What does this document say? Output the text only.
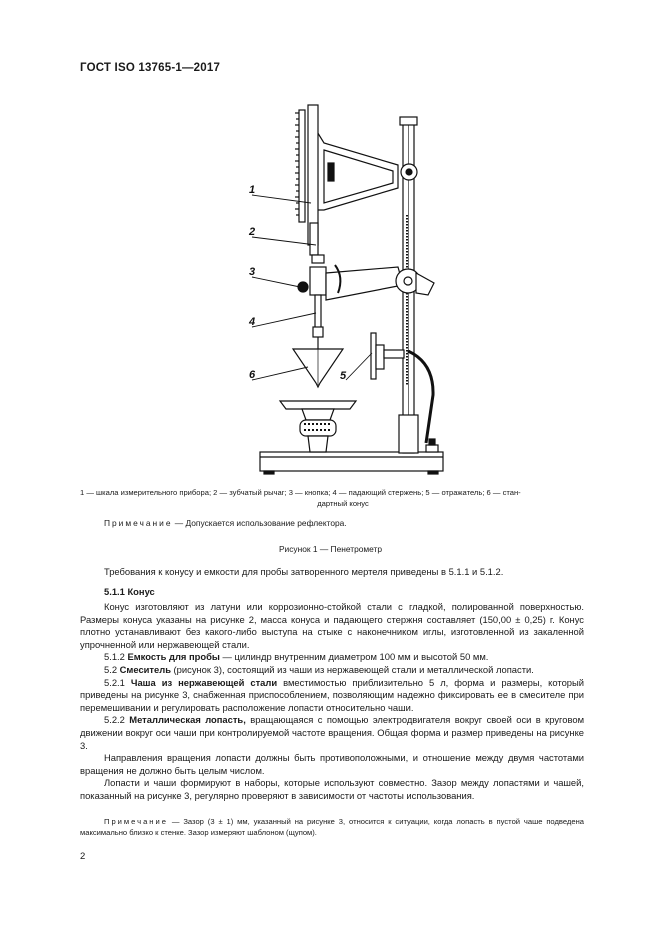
ГОСТ ISO 13765-1—2017
1
2
3
4
6	5
1 — шкала измерительного прибора; 2 — зубчатый рычаг; 3 — кнопка; 4 — падающий стержень; 5 — отражатель; 6 — стан-
дартный конус
Примечание — Допускается использование рефлектора.
Рисунок 1 — Пенетрометр

Требования к конусу и емкости для пробы затворенного мертеля приведены в 5.1.1 и 5.1.2.

5.1.1 Конус

Конус изготовляют из латуни или коррозионно-стойкой стали с гладкой, полированной поверхностью. Размеры конуса указаны на рисунке 2, масса конуса и падающего стержня составляет (150,00 ± 0,25) г. Конус плотно устанавливают без какого-либо выступа на стыке с наконечником иглы, изготовленной из закаленной упрочненной или нержавеющей стали.

5.1.2 Емкость для пробы — цилиндр внутренним диаметром 100 мм и высотой 50 мм.

5.2 Смеситель (рисунок 3), состоящий из чаши из нержавеющей стали и металлической лопасти.

5.2.1 Чаша из нержавеющей стали вместимостью приблизительно 5 л, форма и размеры, который приведены на рисунке 3, снабженная приспособлением, позволяющим надежно фиксировать ее в смесителе при перемешивании и регулировать расположение лопасти относительно чаши.

5.2.2 Металлическая лопасть, вращающаяся с помощью электродвигателя вокруг своей оси в круговом движении вокруг оси чаши при контролируемой частоте вращения. Общая форма и размер приведены на рисунке 3.

Направления вращения лопасти должны быть противоположными, и отношение между двумя частотами вращения не должно быть целым числом.

Лопасти и чаши формируют в наборы, которые используют совместно. Зазор между лопастями и чашей, показанный на рисунке 3, регулярно проверяют в зависимости от частоты использования.

Примечание — Зазор (3 ± 1) мм, указанный на рисунке 3, относится к ситуации, когда лопасть в пустой чаше подведена максимально близко к стенке. Зазор измеряют шаблоном (щупом).
2
